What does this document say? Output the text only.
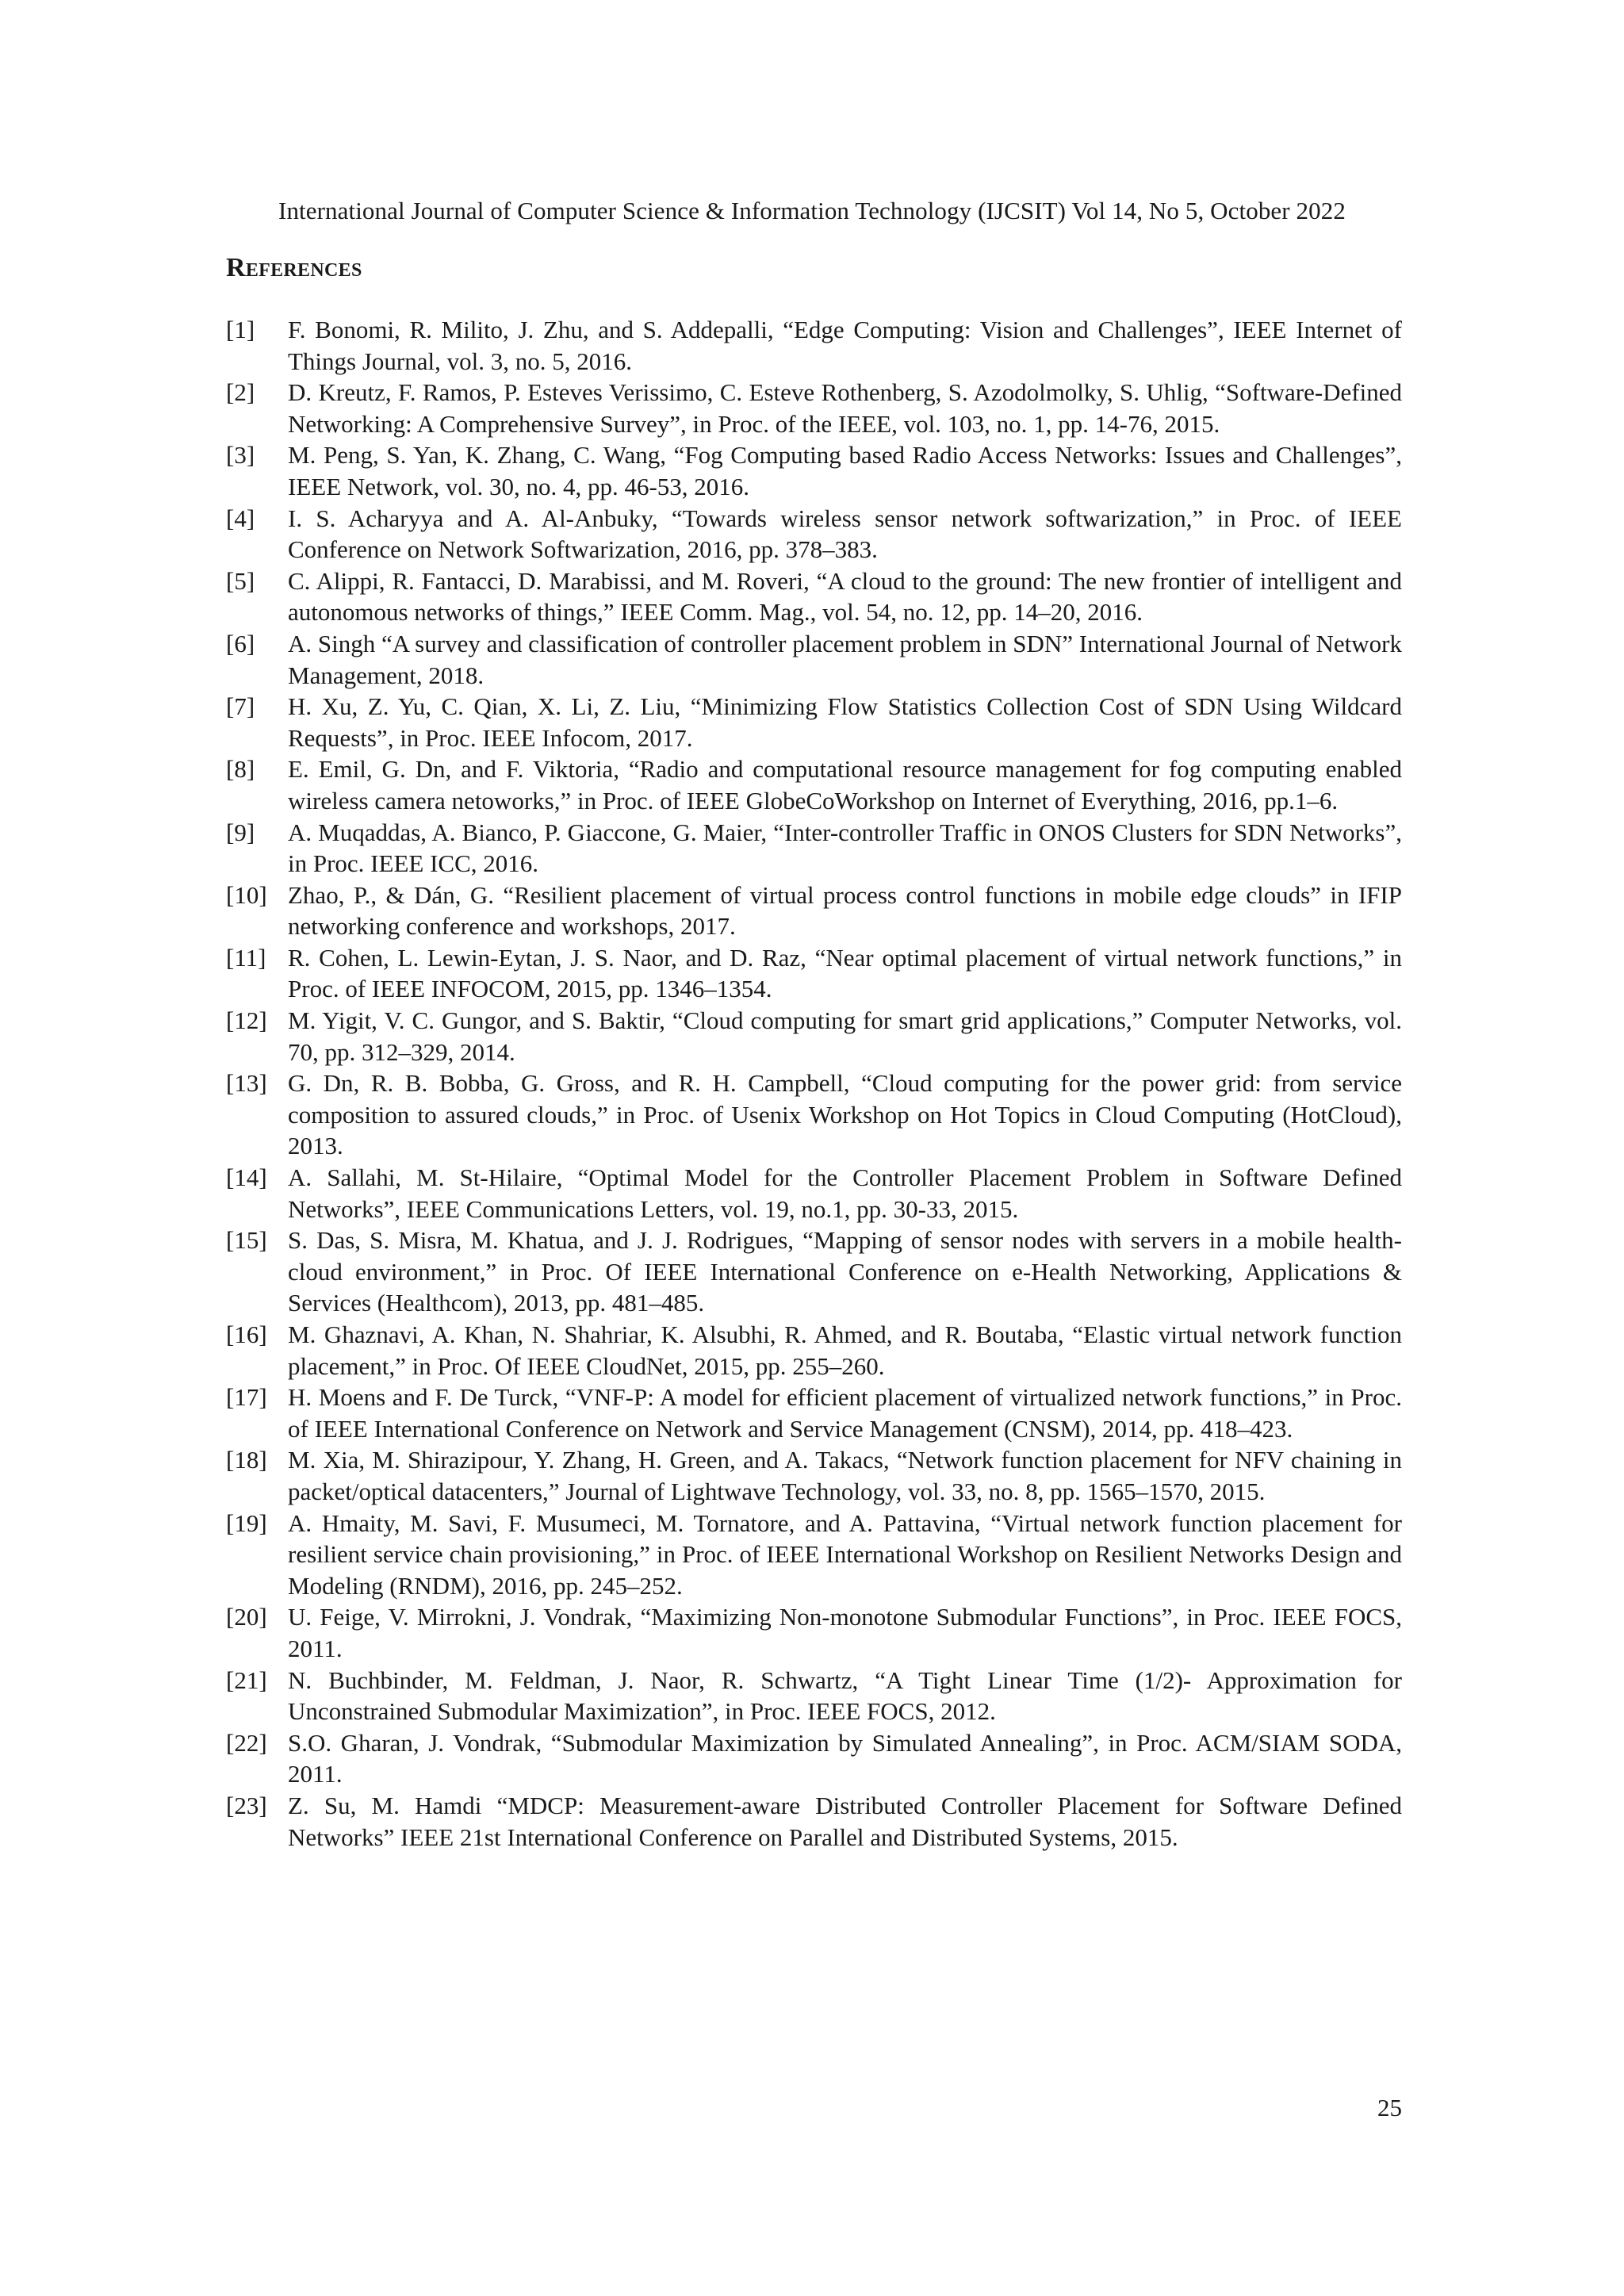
International Journal of Computer Science & Information Technology (IJCSIT) Vol 14, No 5, October 2022
References
[1] F. Bonomi, R. Milito, J. Zhu, and S. Addepalli, “Edge Computing: Vision and Challenges”, IEEE Internet of Things Journal, vol. 3, no. 5, 2016.
[2] D. Kreutz, F. Ramos, P. Esteves Verissimo, C. Esteve Rothenberg, S. Azodolmolky, S. Uhlig, “Software-Defined Networking: A Comprehensive Survey”, in Proc. of the IEEE, vol. 103, no. 1, pp. 14-76, 2015.
[3] M. Peng, S. Yan, K. Zhang, C. Wang, “Fog Computing based Radio Access Networks: Issues and Challenges”, IEEE Network, vol. 30, no. 4, pp. 46-53, 2016.
[4] I. S. Acharyya and A. Al-Anbuky, “Towards wireless sensor network softwarization,” in Proc. of IEEE Conference on Network Softwarization, 2016, pp. 378–383.
[5] C. Alippi, R. Fantacci, D. Marabissi, and M. Roveri, “A cloud to the ground: The new frontier of intelligent and autonomous networks of things,” IEEE Comm. Mag., vol. 54, no. 12, pp. 14–20, 2016.
[6] A. Singh “A survey and classification of controller placement problem in SDN” International Journal of Network Management, 2018.
[7] H. Xu, Z. Yu, C. Qian, X. Li, Z. Liu, “Minimizing Flow Statistics Collection Cost of SDN Using Wildcard Requests”, in Proc. IEEE Infocom, 2017.
[8] E. Emil, G. Dn, and F. Viktoria, “Radio and computational resource management for fog computing enabled wireless camera netoworks,” in Proc. of IEEE GlobeCoWorkshop on Internet of Everything, 2016, pp.1–6.
[9] A. Muqaddas, A. Bianco, P. Giaccone, G. Maier, “Inter-controller Traffic in ONOS Clusters for SDN Networks”, in Proc. IEEE ICC, 2016.
[10] Zhao, P., & Dán, G. “Resilient placement of virtual process control functions in mobile edge clouds” in IFIP networking conference and workshops, 2017.
[11] R. Cohen, L. Lewin-Eytan, J. S. Naor, and D. Raz, “Near optimal placement of virtual network functions,” in Proc. of IEEE INFOCOM, 2015, pp. 1346–1354.
[12] M. Yigit, V. C. Gungor, and S. Baktir, “Cloud computing for smart grid applications,” Computer Networks, vol. 70, pp. 312–329, 2014.
[13] G. Dn, R. B. Bobba, G. Gross, and R. H. Campbell, “Cloud computing for the power grid: from service composition to assured clouds,” in Proc. of Usenix Workshop on Hot Topics in Cloud Computing (HotCloud), 2013.
[14] A. Sallahi, M. St-Hilaire, “Optimal Model for the Controller Placement Problem in Software Defined Networks”, IEEE Communications Letters, vol. 19, no.1, pp. 30-33, 2015.
[15] S. Das, S. Misra, M. Khatua, and J. J. Rodrigues, “Mapping of sensor nodes with servers in a mobile health-cloud environment,” in Proc. Of IEEE International Conference on e-Health Networking, Applications & Services (Healthcom), 2013, pp. 481–485.
[16] M. Ghaznavi, A. Khan, N. Shahriar, K. Alsubhi, R. Ahmed, and R. Boutaba, “Elastic virtual network function placement,” in Proc. Of IEEE CloudNet, 2015, pp. 255–260.
[17] H. Moens and F. De Turck, “VNF-P: A model for efficient placement of virtualized network functions,” in Proc. of IEEE International Conference on Network and Service Management (CNSM), 2014, pp. 418–423.
[18] M. Xia, M. Shirazipour, Y. Zhang, H. Green, and A. Takacs, “Network function placement for NFV chaining in packet/optical datacenters,” Journal of Lightwave Technology, vol. 33, no. 8, pp. 1565–1570, 2015.
[19] A. Hmaity, M. Savi, F. Musumeci, M. Tornatore, and A. Pattavina, “Virtual network function placement for resilient service chain provisioning,” in Proc. of IEEE International Workshop on Resilient Networks Design and Modeling (RNDM), 2016, pp. 245–252.
[20] U. Feige, V. Mirrokni, J. Vondrak, “Maximizing Non-monotone Submodular Functions”, in Proc. IEEE FOCS, 2011.
[21] N. Buchbinder, M. Feldman, J. Naor, R. Schwartz, “A Tight Linear Time (1/2)- Approximation for Unconstrained Submodular Maximization”, in Proc. IEEE FOCS, 2012.
[22] S.O. Gharan, J. Vondrak, “Submodular Maximization by Simulated Annealing”, in Proc. ACM/SIAM SODA, 2011.
[23] Z. Su, M. Hamdi “MDCP: Measurement-aware Distributed Controller Placement for Software Defined Networks” IEEE 21st International Conference on Parallel and Distributed Systems, 2015.
25
